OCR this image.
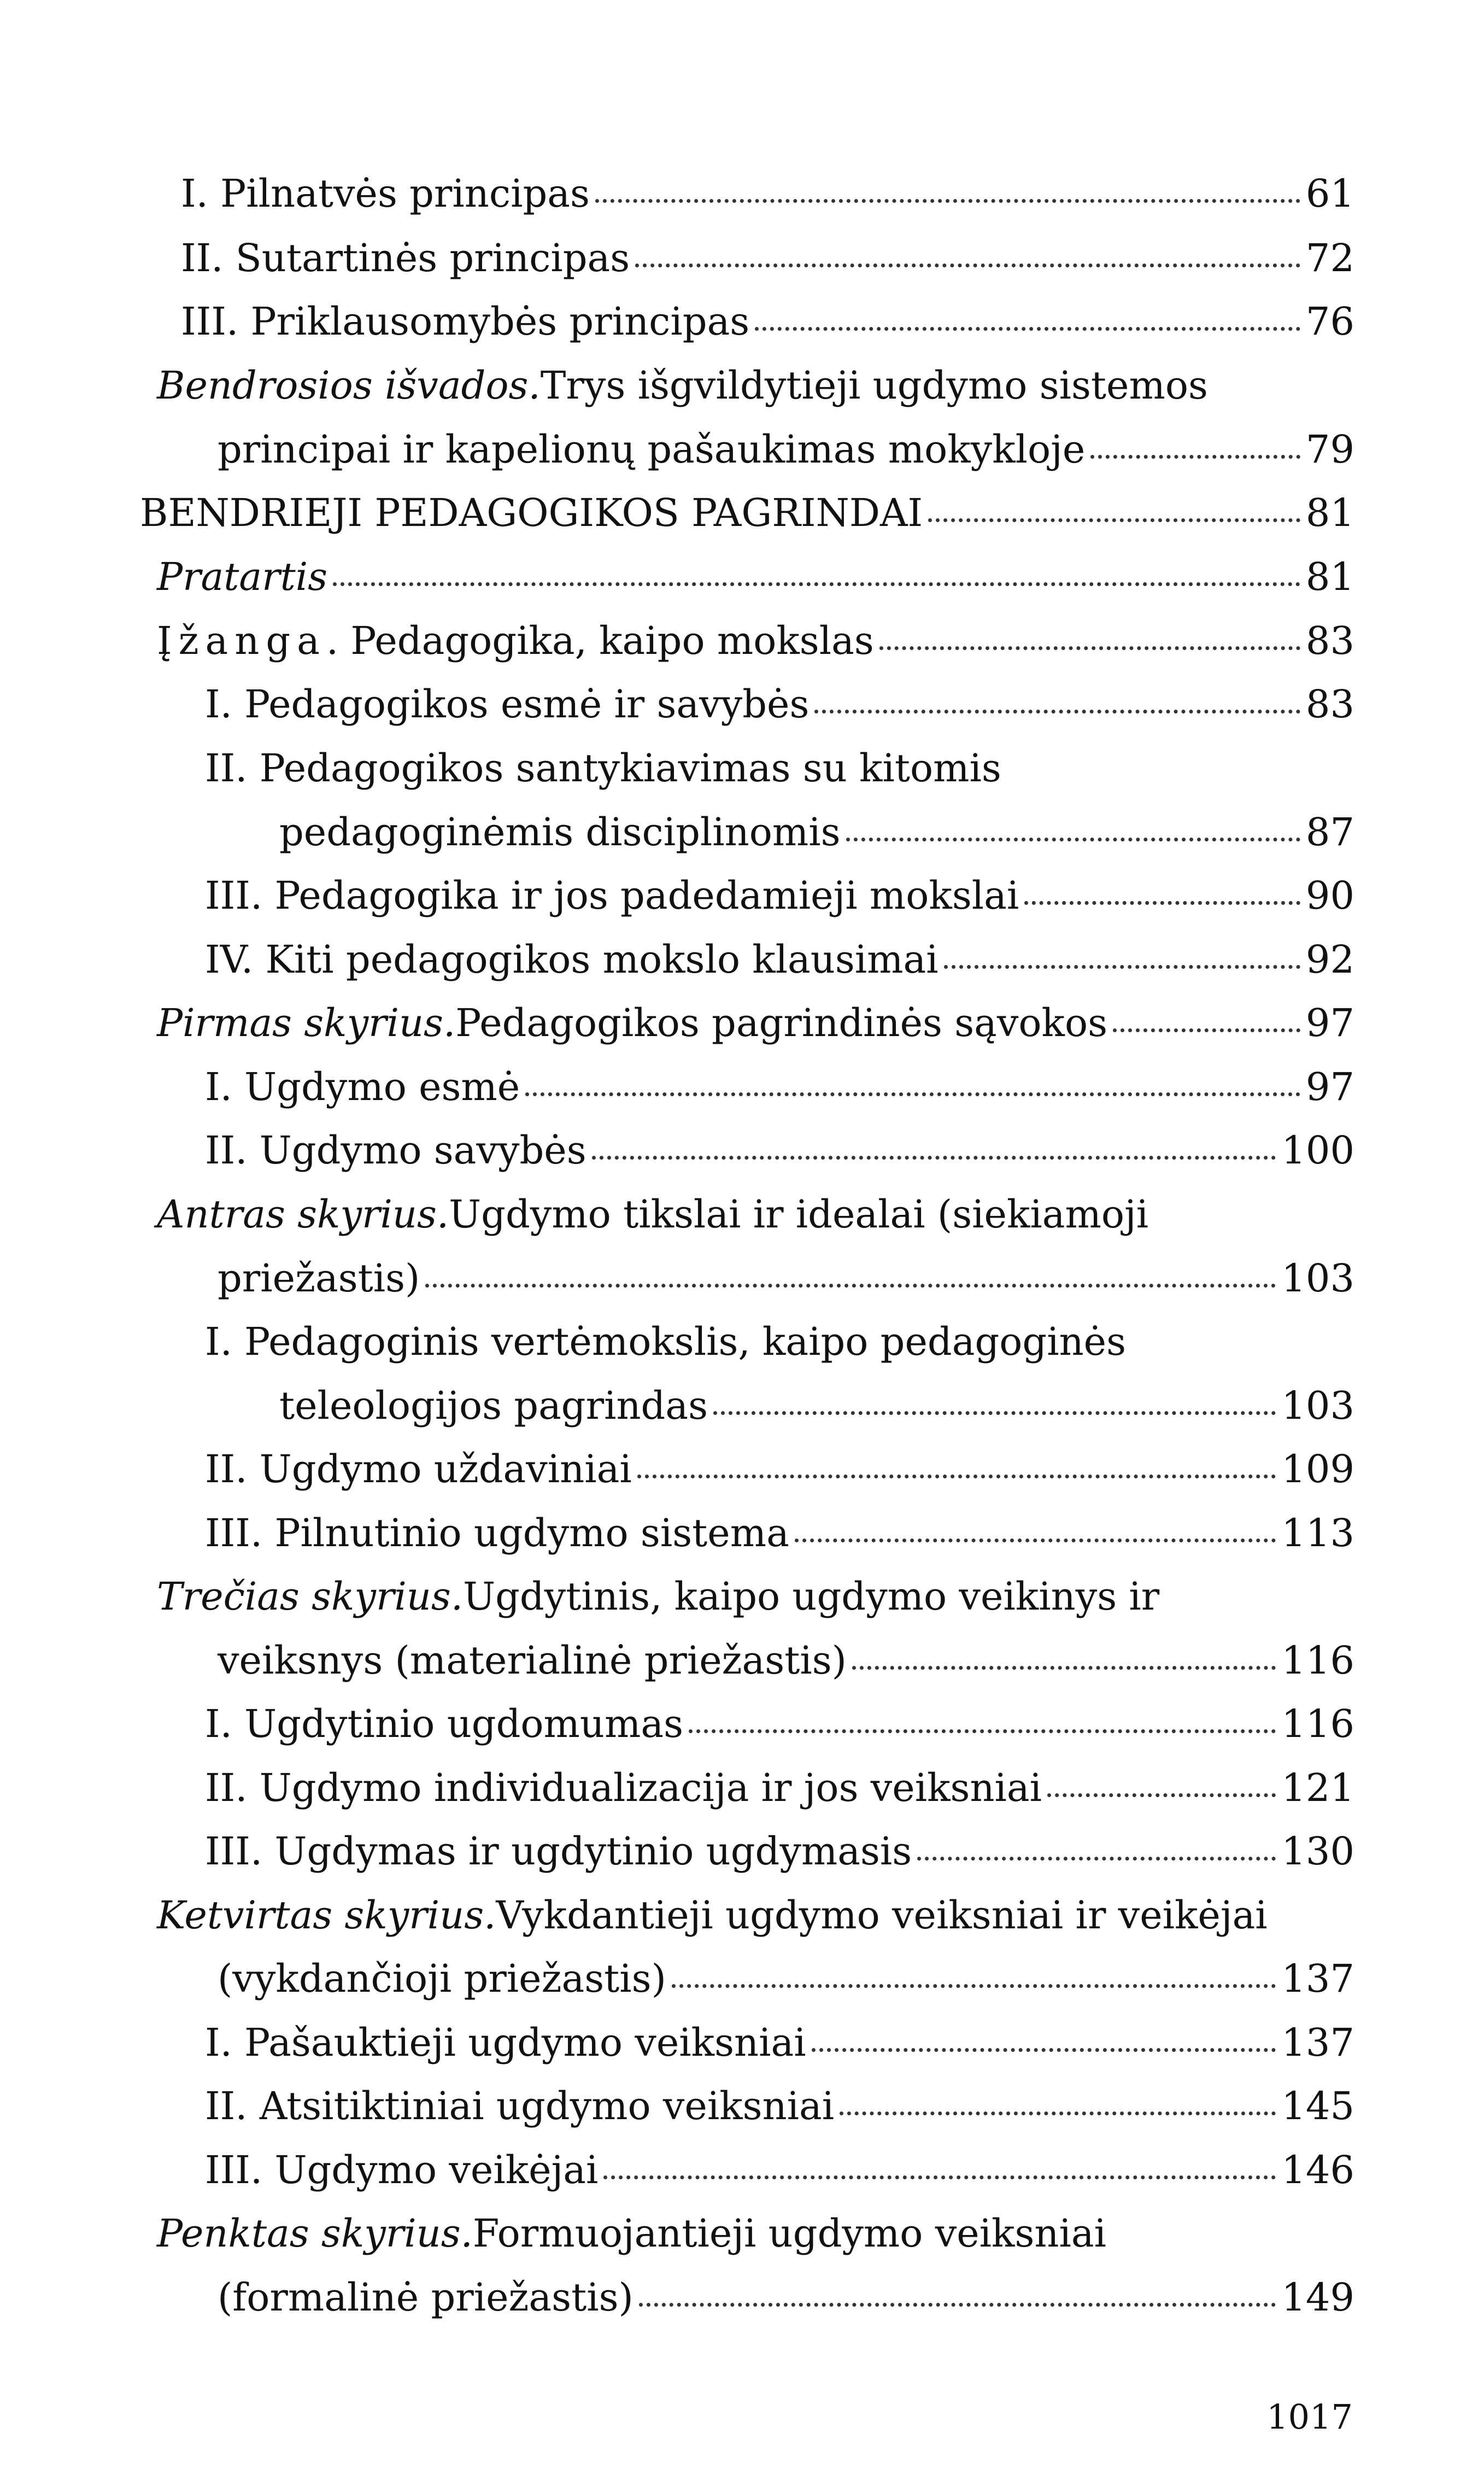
I. Pilnatvės principas	61
II. Sutartinės principas	72
III. Priklausomybės principas	76
Bendrosios išvados. Trys išgvildytieji ugdymo sistemos
principai ir kapelionų pašaukimas mokykloje	79
BENDRIEJI PEDAGOGIKOS PAGRINDAI	81
Pratartis	81
Įžanga . Pedagogika, kaipo mokslas	83
I. Pedagogikos esmė ir savybės	83
II. Pedagogikos santykiavimas su kitomis
pedagoginėmis disciplinomis	87
III. Pedagogika ir jos padedamieji mokslai	90
IV. Kiti pedagogikos mokslo klausimai	92
Pirmas skyrius. Pedagogikos pagrindinės sąvokos	97
I. Ugdymo esmė	97
II. Ugdymo savybės	100
Antras skyrius. Ugdymo tikslai ir idealai (siekiamoji
priežastis)	103
I. Pedagoginis vertėmokslis, kaipo pedagoginės
teleologijos pagrindas	103
II. Ugdymo uždaviniai	109
III. Pilnutinio ugdymo sistema	113
Trečias skyrius. Ugdytinis, kaipo ugdymo veikinys ir
veiksnys (materialinė priežastis)	116
I. Ugdytinio ugdomumas	116
II. Ugdymo individualizacija ir jos veiksniai	121
III. Ugdymas ir ugdytinio ugdymasis	130
Ketvirtas skyrius. Vykdantieji ugdymo veiksniai ir veikėjai
(vykdančioji priežastis)	137
I. Pašauktieji ugdymo veiksniai	137
II. Atsitiktiniai ugdymo veiksniai	145
III. Ugdymo veikėjai	146
Penktas skyrius. Formuojantieji ugdymo veiksniai
(formalinė priežastis)	149
1017
